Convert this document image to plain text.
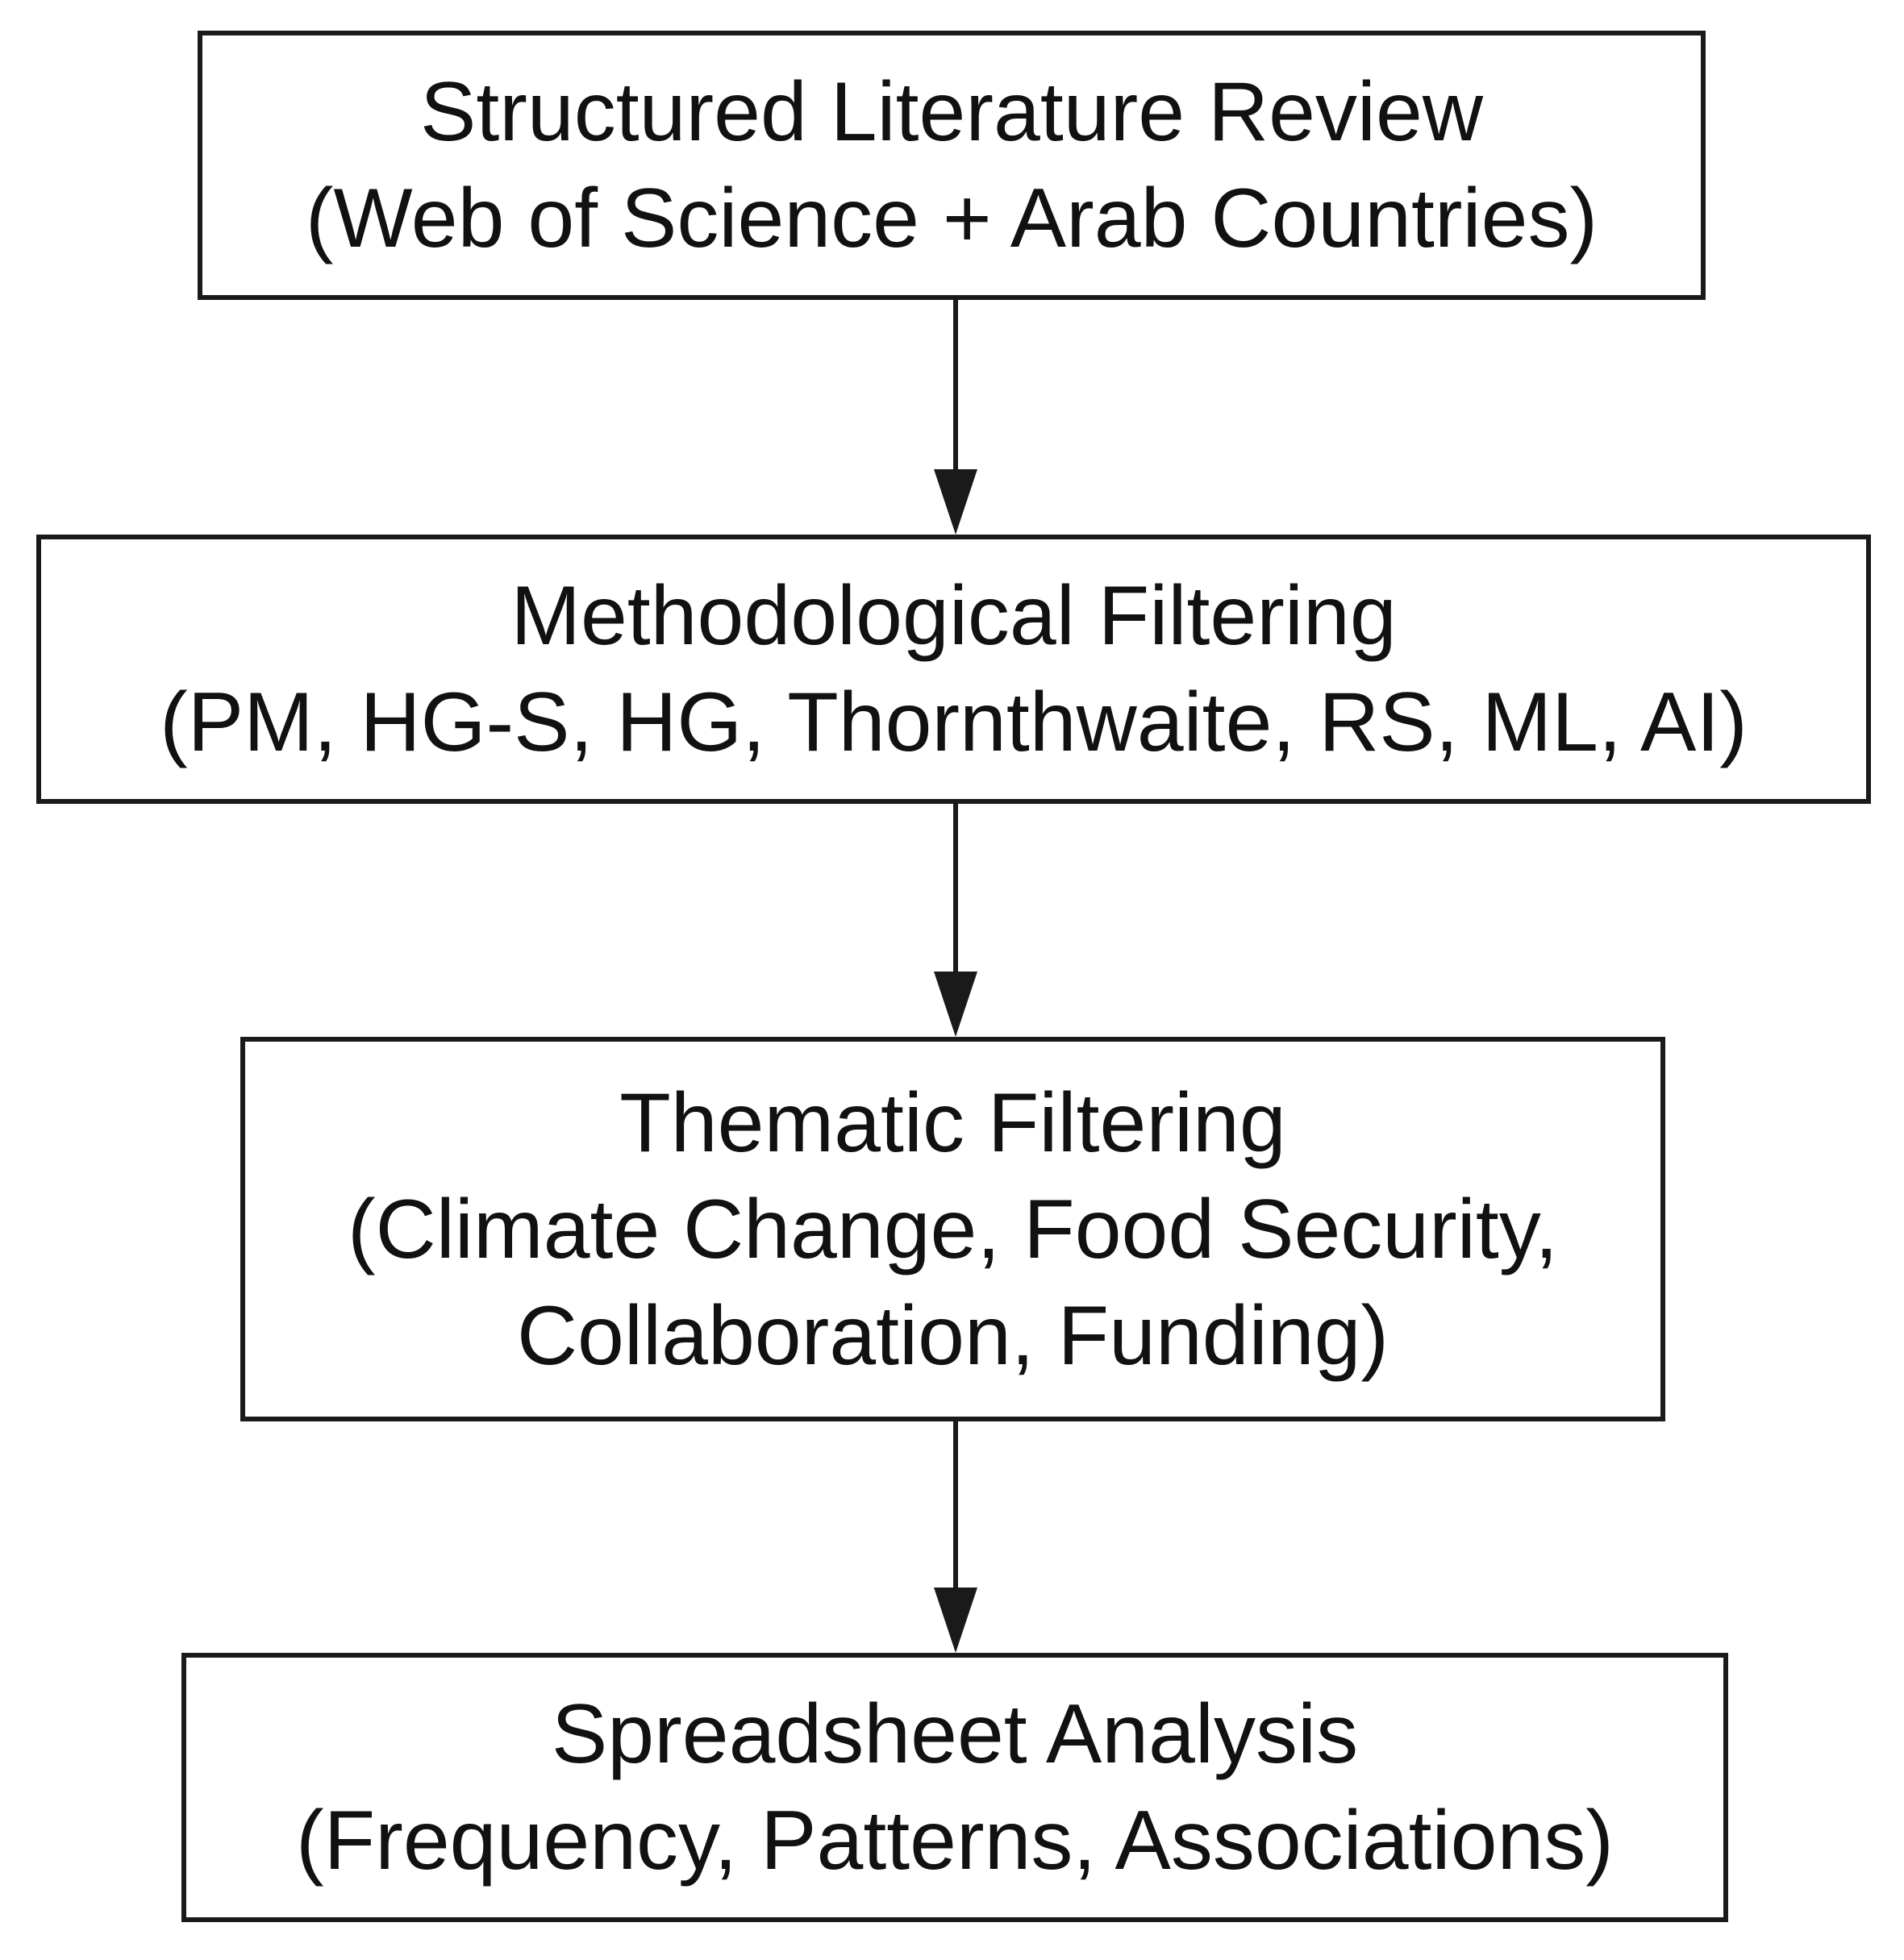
Structured Literature Review
(Web of Science + Arab Countries)
Methodological Filtering
(PM, HG-S, HG, Thornthwaite, RS, ML, AI)
Thematic Filtering
(Climate Change, Food Security,
Collaboration, Funding)
Spreadsheet Analysis
(Frequency, Patterns, Associations)
